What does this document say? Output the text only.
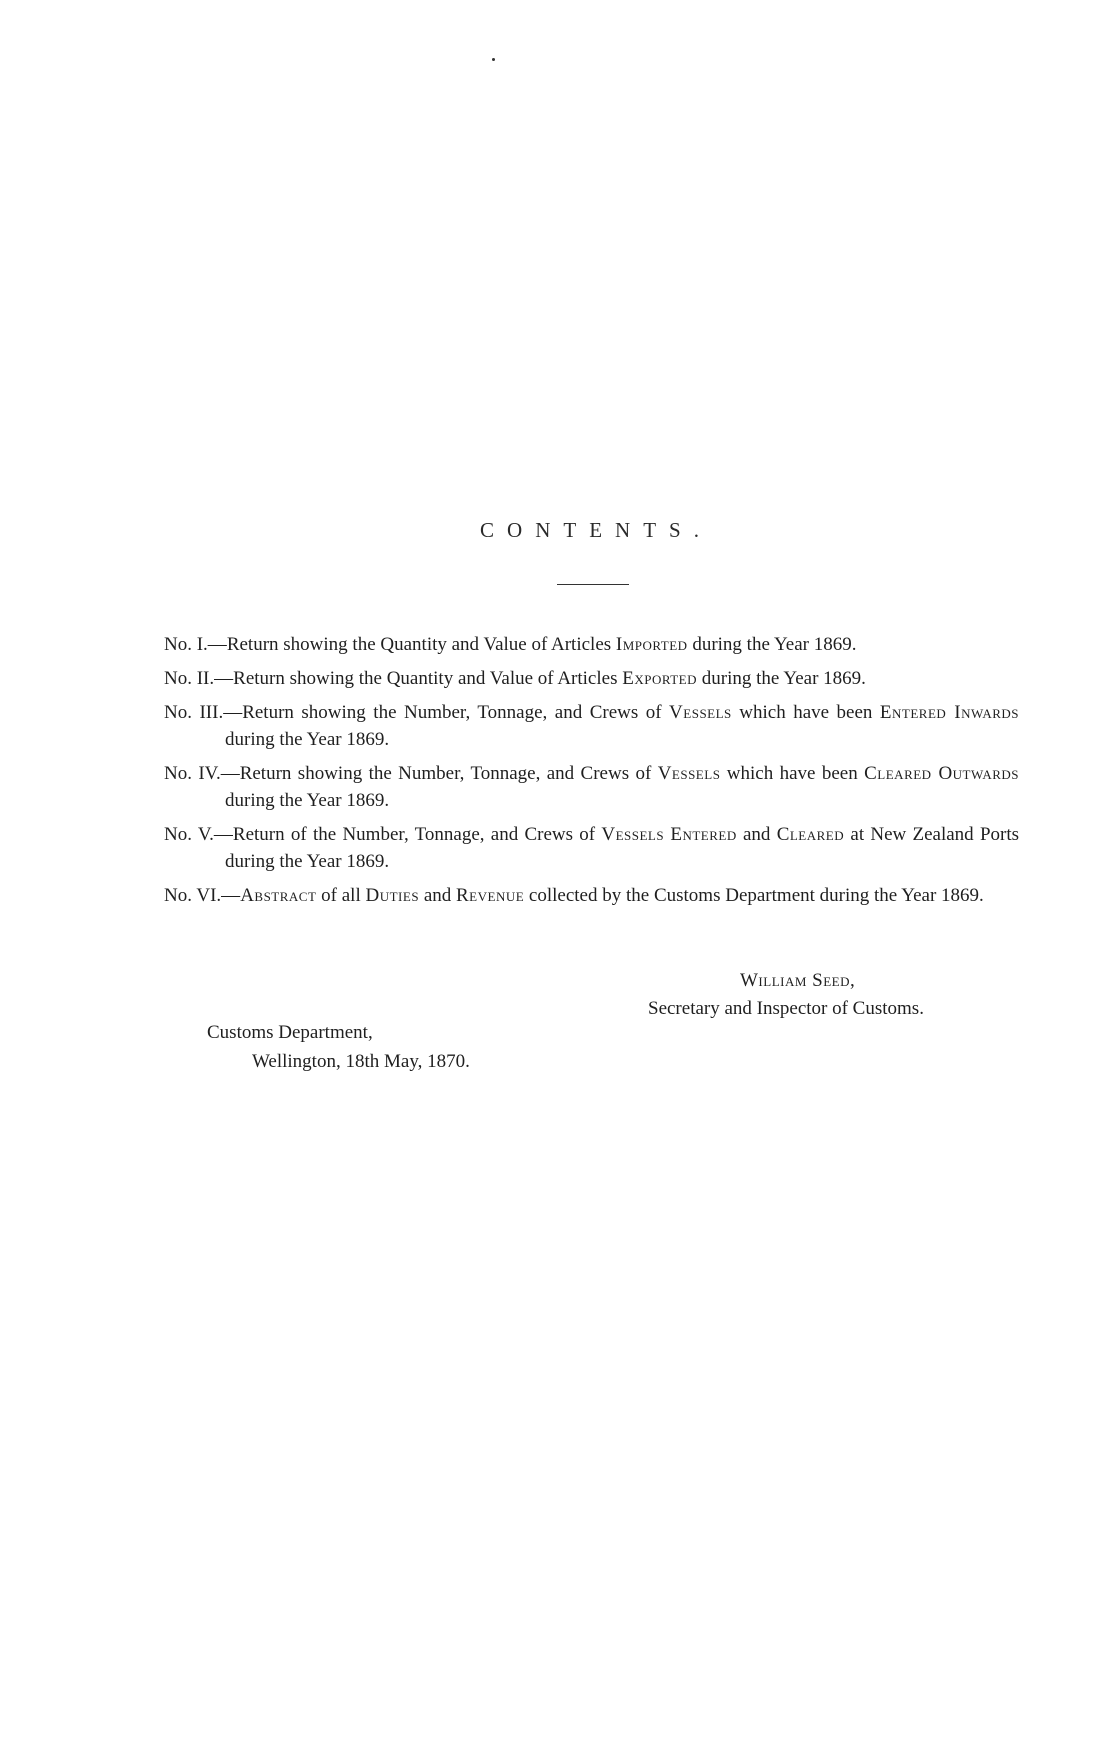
CONTENTS.
No. I.—Return showing the Quantity and Value of Articles Imported during the Year 1869.
No. II.—Return showing the Quantity and Value of Articles Exported during the Year 1869.
No. III.—Return showing the Number, Tonnage, and Crews of Vessels which have been Entered Inwards during the Year 1869.
No. IV.—Return showing the Number, Tonnage, and Crews of Vessels which have been Cleared Outwards during the Year 1869.
No. V.—Return of the Number, Tonnage, and Crews of Vessels Entered and Cleared at New Zealand Ports during the Year 1869.
No. VI.—Abstract of all Duties and Revenue collected by the Customs Department during the Year 1869.
William Seed,
Secretary and Inspector of Customs.
Customs Department,
Wellington, 18th May, 1870.
